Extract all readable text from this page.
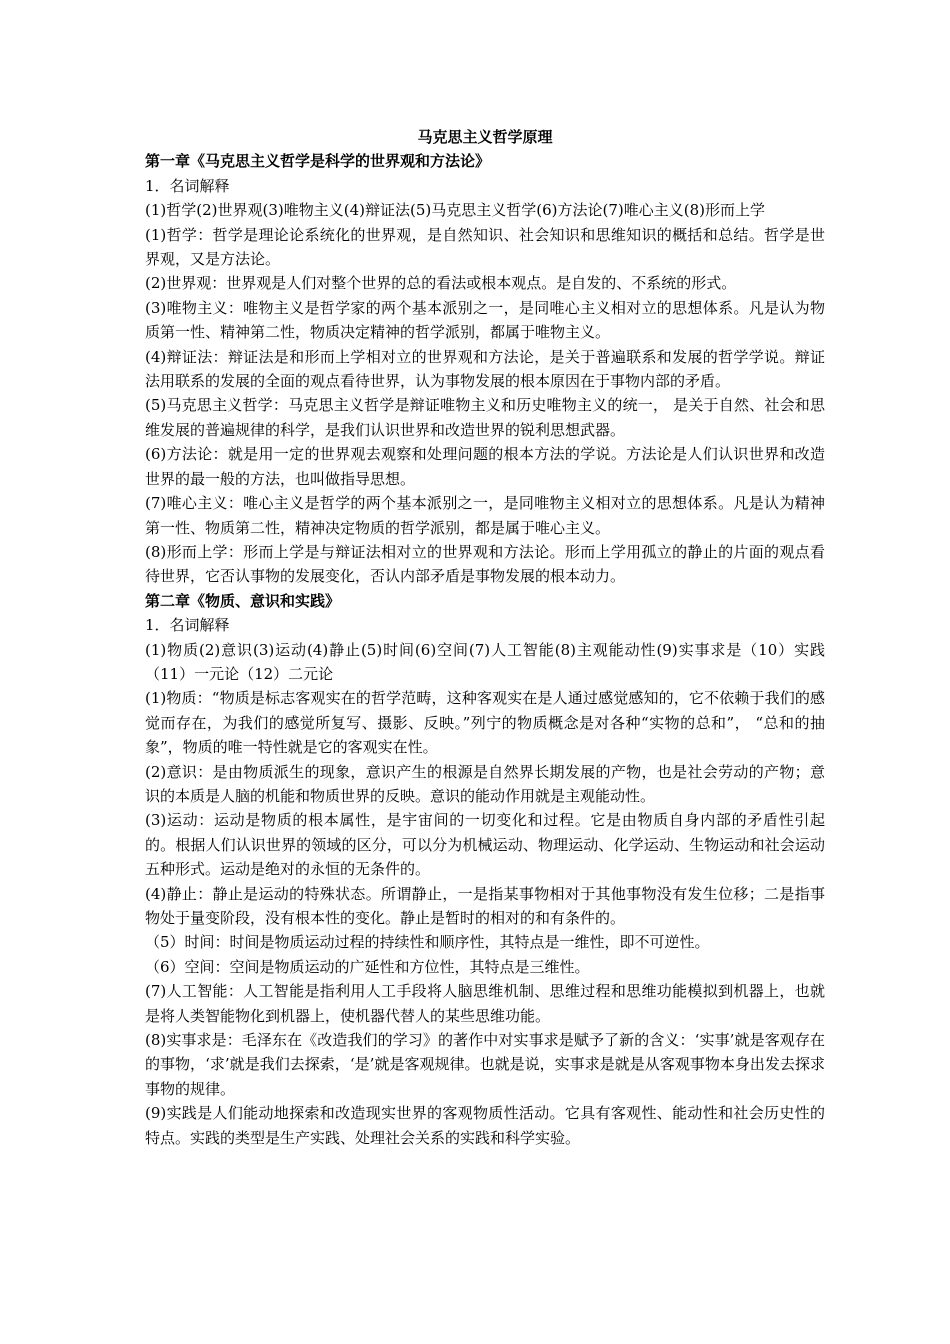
马克思主义哲学原理

第一章《马克思主义哲学是科学的世界观和方法论》

1．名词解释

(1)哲学(2)世界观(3)唯物主义(4)辩证法(5)马克思主义哲学(6)方法论(7)唯心主义(8)形而上学

(1)哲学：哲学是理论论系统化的世界观，是自然知识、社会知识和思维知识的概括和总结。哲学是世界观，又是方法论。

(2)世界观：世界观是人们对整个世界的总的看法或根本观点。是自发的、不系统的形式。

(3)唯物主义：唯物主义是哲学家的两个基本派别之一，是同唯心主义相对立的思想体系。凡是认为物质第一性、精神第二性，物质决定精神的哲学派别，都属于唯物主义。

(4)辩证法：辩证法是和形而上学相对立的世界观和方法论，是关于普遍联系和发展的哲学学说。辩证法用联系的发展的全面的观点看待世界，认为事物发展的根本原因在于事物内部的矛盾。

(5)马克思主义哲学：马克思主义哲学是辩证唯物主义和历史唯物主义的统一， 是关于自然、社会和思维发展的普遍规律的科学，是我们认识世界和改造世界的锐利思想武器。

(6)方法论：就是用一定的世界观去观察和处理问题的根本方法的学说。方法论是人们认识世界和改造世界的最一般的方法，也叫做指导思想。

(7)唯心主义：唯心主义是哲学的两个基本派别之一，是同唯物主义相对立的思想体系。凡是认为精神第一性、物质第二性，精神决定物质的哲学派别，都是属于唯心主义。

(8)形而上学：形而上学是与辩证法相对立的世界观和方法论。形而上学用孤立的静止的片面的观点看待世界，它否认事物的发展变化，否认内部矛盾是事物发展的根本动力。

第二章《物质、意识和实践》

1．名词解释

(1)物质(2)意识(3)运动(4)静止(5)时间(6)空间(7)人工智能(8)主观能动性(9)实事求是（10）实践（11）一元论（12）二元论

(1)物质：“物质是标志客观实在的哲学范畴，这种客观实在是人通过感觉感知的，它不依赖于我们的感觉而存在，为我们的感觉所复写、摄影、反映。”列宁的物质概念是对各种“实物的总和”， “总和的抽象”，物质的唯一特性就是它的客观实在性。

(2)意识：是由物质派生的现象，意识产生的根源是自然界长期发展的产物，也是社会劳动的产物；意识的本质是人脑的机能和物质世界的反映。意识的能动作用就是主观能动性。

(3)运动：运动是物质的根本属性，是宇宙间的一切变化和过程。它是由物质自身内部的矛盾性引起的。根据人们认识世界的领域的区分，可以分为机械运动、物理运动、化学运动、生物运动和社会运动五种形式。运动是绝对的永恒的无条件的。

(4)静止：静止是运动的特殊状态。所谓静止，一是指某事物相对于其他事物没有发生位移；二是指事物处于量变阶段，没有根本性的变化。静止是暂时的相对的和有条件的。

（5）时间：时间是物质运动过程的持续性和顺序性，其特点是一维性，即不可逆性。

（6）空间：空间是物质运动的广延性和方位性，其特点是三维性。

(7)人工智能：人工智能是指利用人工手段将人脑思维机制、思维过程和思维功能模拟到机器上，也就是将人类智能物化到机器上，使机器代替人的某些思维功能。

(8)实事求是：毛泽东在《改造我们的学习》的著作中对实事求是赋予了新的含义：‘实事’就是客观存在的事物，‘求’就是我们去探索，‘是’就是客观规律。也就是说，实事求是就是从客观事物本身出发去探求事物的规律。

(9)实践是人们能动地探索和改造现实世界的客观物质性活动。它具有客观性、能动性和社会历史性的特点。实践的类型是生产实践、处理社会关系的实践和科学实验。
